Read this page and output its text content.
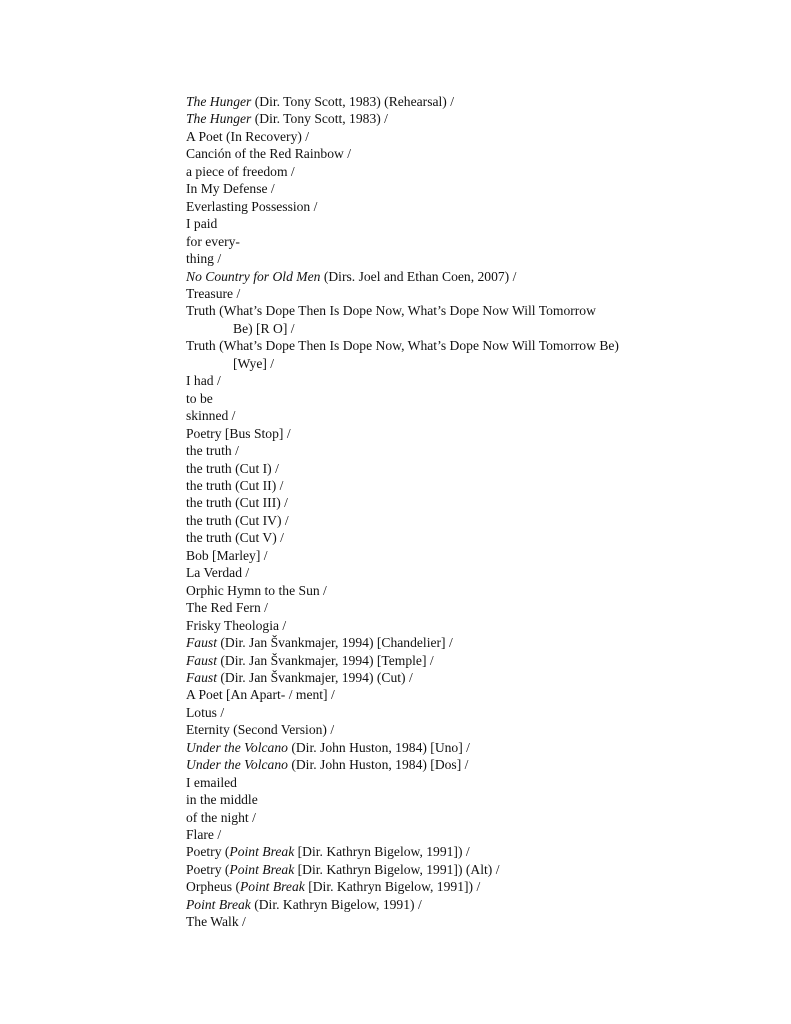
The Hunger (Dir. Tony Scott, 1983) (Rehearsal) /
The Hunger (Dir. Tony Scott, 1983) /
A Poet (In Recovery) /
Canción of the Red Rainbow /
a piece of freedom /
In My Defense /
Everlasting Possession /
I paid
for every-
thing /
No Country for Old Men (Dirs. Joel and Ethan Coen, 2007) /
Treasure /
Truth (What’s Dope Then Is Dope Now, What’s Dope Now Will Tomorrow
Be) [R O] /
Truth (What’s Dope Then Is Dope Now, What’s Dope Now Will Tomorrow Be)
[Wye] /
I had /
to be
skinned /
Poetry [Bus Stop] /
the truth /
the truth (Cut I) /
the truth (Cut II) /
the truth (Cut III) /
the truth (Cut IV) /
the truth (Cut V) /
Bob [Marley] /
La Verdad /
Orphic Hymn to the Sun /
The Red Fern /
Frisky Theologia /
Faust (Dir. Jan Švankmajer, 1994) [Chandelier] /
Faust (Dir. Jan Švankmajer, 1994) [Temple] /
Faust (Dir. Jan Švankmajer, 1994) (Cut) /
A Poet [An Apart- / ment] /
Lotus /
Eternity (Second Version) /
Under the Volcano (Dir. John Huston, 1984) [Uno] /
Under the Volcano (Dir. John Huston, 1984) [Dos] /
I emailed
in the middle
of the night /
Flare /
Poetry (Point Break [Dir. Kathryn Bigelow, 1991]) /
Poetry (Point Break [Dir. Kathryn Bigelow, 1991]) (Alt) /
Orpheus (Point Break [Dir. Kathryn Bigelow, 1991]) /
Point Break (Dir. Kathryn Bigelow, 1991) /
The Walk /
